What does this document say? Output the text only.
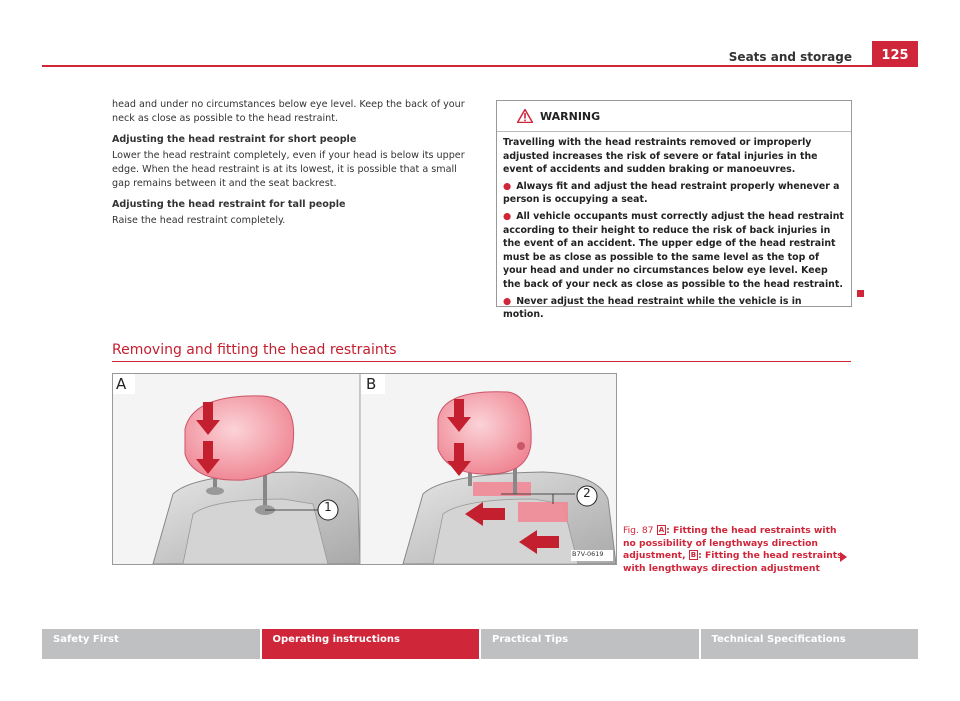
Seats and storage	125

head and under no circumstances below eye level. Keep the back of your neck as close as possible to the head restraint.

Adjusting the head restraint for short people

Lower the head restraint completely, even if your head is below its upper edge. When the head restraint is at its lowest, it is possible that a small gap remains between it and the seat backrest.

Adjusting the head restraint for tall people

Raise the head restraint completely.

WARNING

Travelling with the head restraints removed or improperly adjusted increases the risk of severe or fatal injuries in the event of accidents and sudden braking or manoeuvres.

● Always fit and adjust the head restraint properly whenever a person is occupying a seat.

● All vehicle occupants must correctly adjust the head restraint according to their height to reduce the risk of back injuries in the event of an accident. The upper edge of the head restraint must be as close as possible to the same level as the top of your head and under no circumstances below eye level. Keep the back of your neck as close as possible to the head restraint.

● Never adjust the head restraint while the vehicle is in motion.

Removing and fitting the head restraints
A	B
1
2
B7V-0619
Fig. 87 A : Fitting the head restraints with no possibility of lengthways direction adjustment, B : Fitting the head restraints with lengthways direction adjustment
Safety First	Operating instructions	Practical Tips	Technical Specifications
